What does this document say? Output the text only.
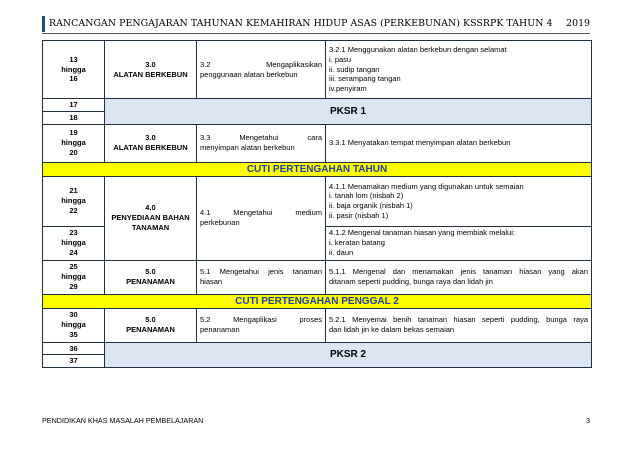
RANCANGAN PENGAJARAN TAHUNAN KEMAHIRAN HIDUP ASAS (PERKEBUNAN) KSSRPK TAHUN 4 2019
13
hingga
16	3.0
ALATAN BERKEBUN	3.2 Mengaplikasikan
penggunaan alatan berkebun	3.2.1 Menggunakan alatan berkebun dengan selamat
i. pasu
ii. sudip tangan
iii. serampang tangan
iv.penyiram

17	PKSR 1		
18			
19
hingga
20	3.0
ALATAN BERKEBUN	3.3 Mengetahui cara
menyimpan alatan berkebun	3.3.1 Menyatakan tempat menyimpan alatan berkebun

CUTI PERTENGAHAN TAHUN			
21
hingga
22	4.0
PENYEDIAAN BAHAN
TANAMAN	4.1 Mengetahui medium
perkebunan	4.1.1 Menamakan medium yang digunakan untuk semaian
i. tanah lom (nisbah 2)
ii. baja organik (nisbah 1)
ii. pasir (nisbah 1)

23
hingga
24			4.1.2 Mengenal tanaman hiasan yang membiak melalui:
i. keratan batang
ii. daun

25
hingga
29	5.0
PENANAMAN	5.1 Mengetahui jenis tanaman
hiasan	5.1.1 Mengenal dan menamakan jenis tanaman hiasan yang akan
ditanam seperti pudding, bunga raya dan lidah jin

CUTI PERTENGAHAN PENGGAL 2			
30
hingga
35	5.0
PENANAMAN	5.2 Mengaplikasi proses
penanaman	5.2.1 Menyemai benih tanaman hiasan seperti pudding, bunga raya
dan lidah jin ke dalam bekas semaian

36	PKSR 2		
37			
PENDIDIKAN KHAS MASALAH PEMBELAJARAN	3
